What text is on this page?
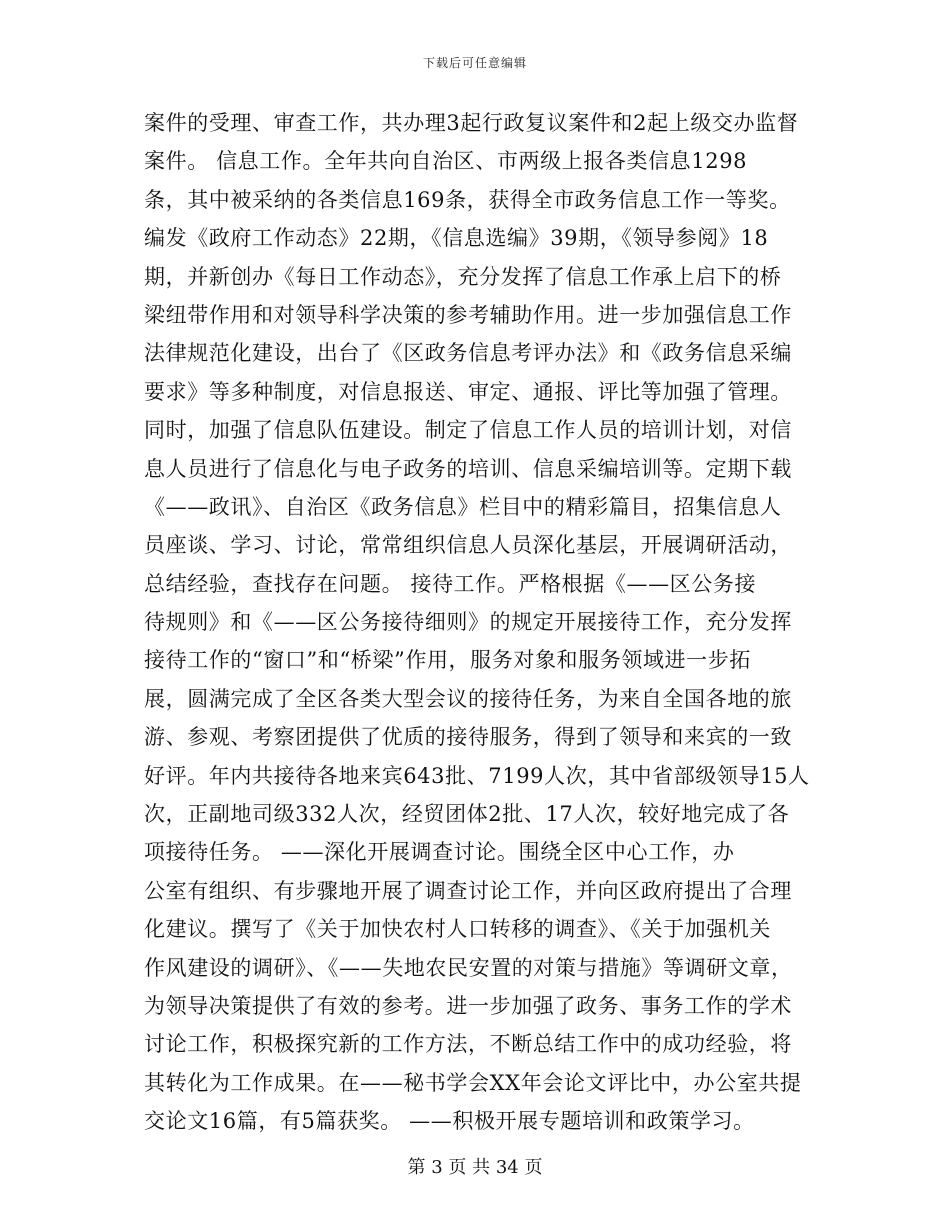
下载后可任意编辑
案件的受理、审查工作，共办理3起行政复议案件和2起上级交办监督
案件。 信息工作。全年共向自治区、市两级上报各类信息1298
条，其中被采纳的各类信息169条，获得全市政务信息工作一等奖。
编发《政府工作动态》22期，《信息选编》39期，《领导参阅》18
期，并新创办《每日工作动态》，充分发挥了信息工作承上启下的桥
梁纽带作用和对领导科学决策的参考辅助作用。进一步加强信息工作
法律规范化建设，出台了《区政务信息考评办法》和《政务信息采编
要求》等多种制度，对信息报送、审定、通报、评比等加强了管理。
同时，加强了信息队伍建设。制定了信息工作人员的培训计划，对信
息人员进行了信息化与电子政务的培训、信息采编培训等。定期下载
《——政讯》、自治区《政务信息》栏目中的精彩篇目，招集信息人
员座谈、学习、讨论，常常组织信息人员深化基层，开展调研活动，
总结经验，查找存在问题。 接待工作。严格根据《——区公务接
待规则》和《——区公务接待细则》的规定开展接待工作，充分发挥
接待工作的“窗口”和“桥梁”作用，服务对象和服务领域进一步拓
展，圆满完成了全区各类大型会议的接待任务，为来自全国各地的旅
游、参观、考察团提供了优质的接待服务，得到了领导和来宾的一致
好评。年内共接待各地来宾643批、7199人次，其中省部级领导15人
次，正副地司级332人次，经贸团体2批、17人次，较好地完成了各
项接待任务。 ——深化开展调查讨论。围绕全区中心工作，办
公室有组织、有步骤地开展了调查讨论工作，并向区政府提出了合理
化建议。撰写了《关于加快农村人口转移的调查》、《关于加强机关
作风建设的调研》、《——失地农民安置的对策与措施》等调研文章，
为领导决策提供了有效的参考。进一步加强了政务、事务工作的学术
讨论工作，积极探究新的工作方法，不断总结工作中的成功经验，将
其转化为工作成果。在——秘书学会XX年会论文评比中，办公室共提
交论文16篇，有5篇获奖。 ——积极开展专题培训和政策学习。
第 3 页 共 34 页
